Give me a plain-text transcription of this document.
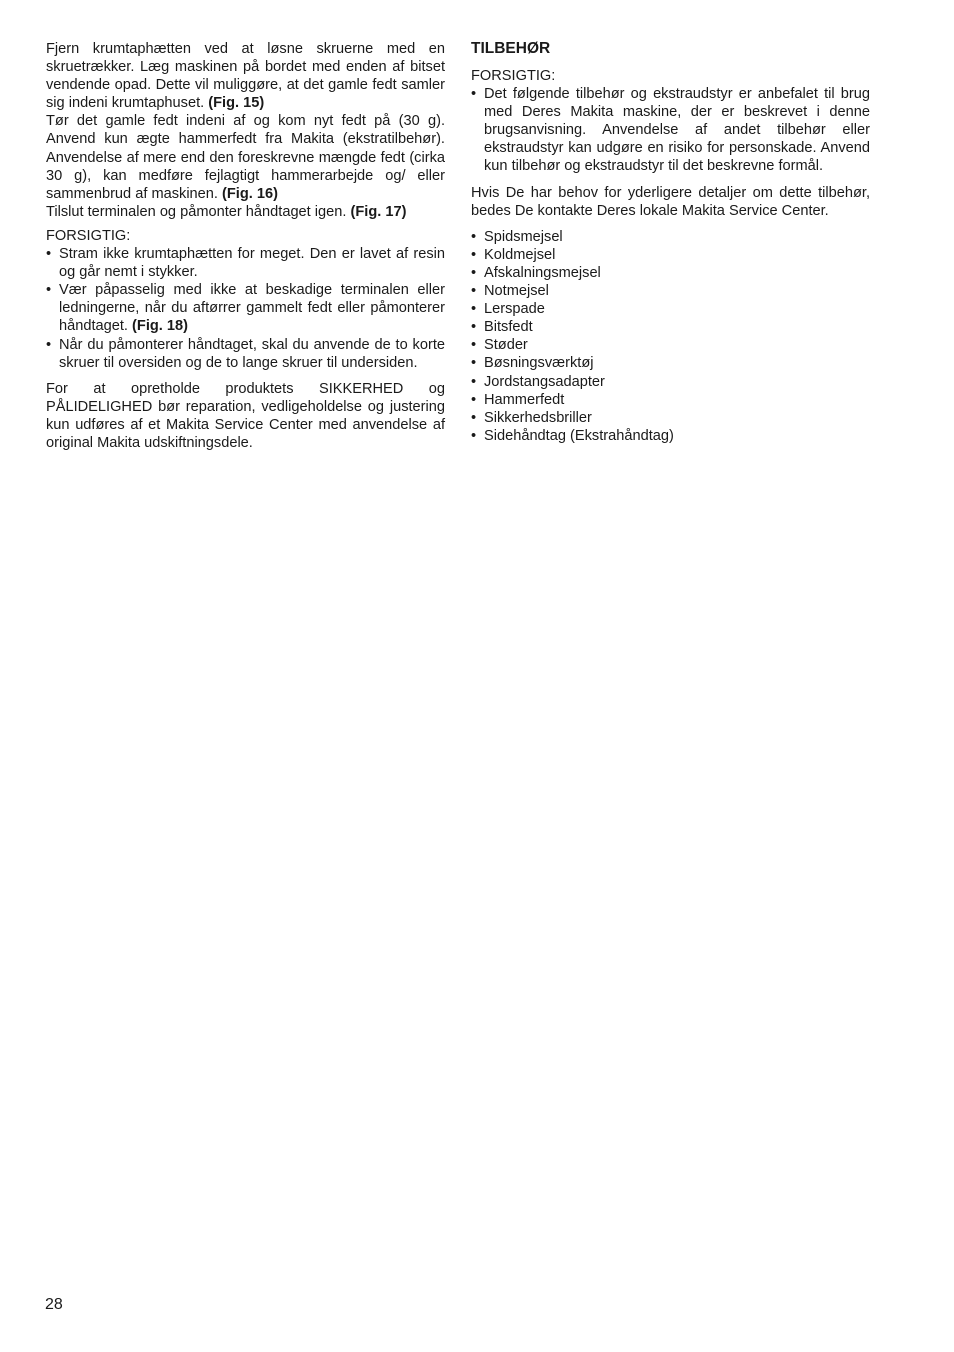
Fjern krumtaphætten ved at løsne skruerne med en skruetrækker. Læg maskinen på bordet med enden af bitset vendende opad. Dette vil muliggøre, at det gamle fedt samler sig indeni krumtaphuset. (Fig. 15)

Tør det gamle fedt indeni af og kom nyt fedt på (30 g). Anvend kun ægte hammerfedt fra Makita (ekstratilbehør). Anvendelse af mere end den foreskrevne mængde fedt (cirka 30 g), kan medføre fejlagtigt hammerarbejde og/ eller sammenbrud af maskinen. (Fig. 16)

Tilslut terminalen og påmonter håndtaget igen. (Fig. 17)

FORSIGTIG:

• Stram ikke krumtaphætten for meget. Den er lavet af resin og går nemt i stykker.
• Vær påpasselig med ikke at beskadige terminalen eller ledningerne, når du aftørrer gammelt fedt eller påmonterer håndtaget. (Fig. 18)
• Når du påmonterer håndtaget, skal du anvende de to korte skruer til oversiden og de to lange skruer til undersiden.

For at opretholde produktets SIKKERHED og PÅLIDELIGHED bør reparation, vedligeholdelse og justering kun udføres af et Makita Service Center med anvendelse af original Makita udskiftningsdele.

TILBEHØR

FORSIGTIG:

• Det følgende tilbehør og ekstraudstyr er anbefalet til brug med Deres Makita maskine, der er beskrevet i denne brugsanvisning. Anvendelse af andet tilbehør eller ekstraudstyr kan udgøre en risiko for personskade. Anvend kun tilbehør og ekstraudstyr til det beskrevne formål.

Hvis De har behov for yderligere detaljer om dette tilbehør, bedes De kontakte Deres lokale Makita Service Center.

• Spidsmejsel
• Koldmejsel
• Afskalningsmejsel
• Notmejsel
• Lerspade
• Bitsfedt
• Støder
• Bøsningsværktøj
• Jordstangsadapter
• Hammerfedt
• Sikkerhedsbriller
• Sidehåndtag (Ekstrahåndtag)
28
